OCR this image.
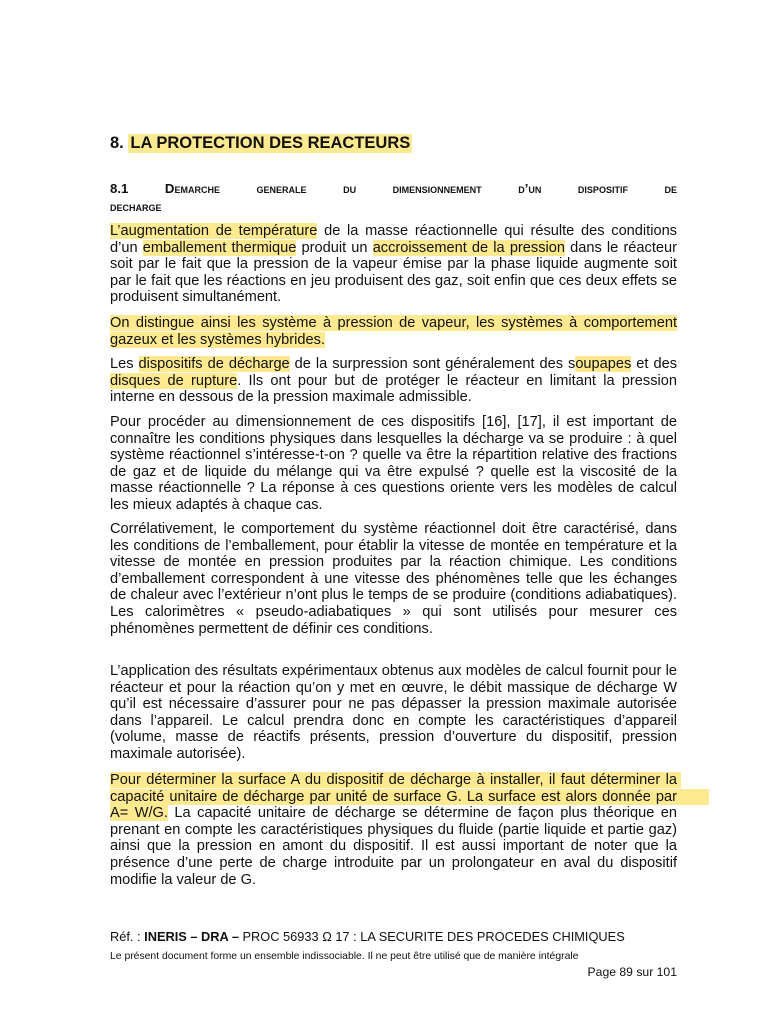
8. LA PROTECTION DES REACTEURS
8.1	Demarche generale du dimensionnement d’un dispositif de
decharge

L’augmentation de température de la masse réactionnelle qui résulte des conditions d’un emballement thermique produit un accroissement de la pression dans le réacteur soit par le fait que la pression de la vapeur émise par la phase liquide augmente soit par le fait que les réactions en jeu produisent des gaz, soit enfin que ces deux effets se produisent simultanément.

On distingue ainsi les système à pression de vapeur, les systèmes à comportement gazeux et les systèmes hybrides.

Les dispositifs de décharge de la surpression sont généralement des soupapes et des disques de rupture. Ils ont pour but de protéger le réacteur en limitant la pression interne en dessous de la pression maximale admissible.

Pour procéder au dimensionnement de ces dispositifs [16], [17], il est important de connaître les conditions physiques dans lesquelles la décharge va se produire : à quel système réactionnel s’intéresse-t-on ? quelle va être la répartition relative des fractions de gaz et de liquide du mélange qui va être expulsé ? quelle est la viscosité de la masse réactionnelle ? La réponse à ces questions oriente vers les modèles de calcul les mieux adaptés à chaque cas.

Corrélativement, le comportement du système réactionnel doit être caractérisé, dans les conditions de l’emballement, pour établir la vitesse de montée en température et la vitesse de montée en pression produites par la réaction chimique. Les conditions d’emballement correspondent à une vitesse des phénomènes telle que les échanges de chaleur avec l’extérieur n’ont plus le temps de se produire (conditions adiabatiques). Les calorimètres « pseudo-adiabatiques » qui sont utilisés pour mesurer ces phénomènes permettent de définir ces conditions.

L’application des résultats expérimentaux obtenus aux modèles de calcul fournit pour le réacteur et pour la réaction qu’on y met en œuvre, le débit massique de décharge W qu’il est nécessaire d’assurer pour ne pas dépasser la pression maximale autorisée dans l’appareil. Le calcul prendra donc en compte les caractéristiques d’appareil (volume, masse de réactifs présents, pression d’ouverture du dispositif, pression maximale autorisée).

Pour déterminer la surface A du dispositif de décharge à installer, il faut déterminer la capacité unitaire de décharge par unité de surface G. La surface est alors donnée par        A= W/G. La capacité unitaire de décharge se détermine de façon plus théorique en prenant en compte les caractéristiques physiques du fluide (partie liquide et partie gaz) ainsi que la pression en amont du dispositif. Il est aussi important de noter que la présence d’une perte de charge introduite par un prolongateur en aval du dispositif modifie la valeur de G.

Réf. : INERIS – DRA – PROC 56933 Ω 17 : LA SECURITE DES PROCEDES CHIMIQUES

Le présent document forme un ensemble indissociable. Il ne peut être utilisé que de manière intégrale

Page 89 sur 101
